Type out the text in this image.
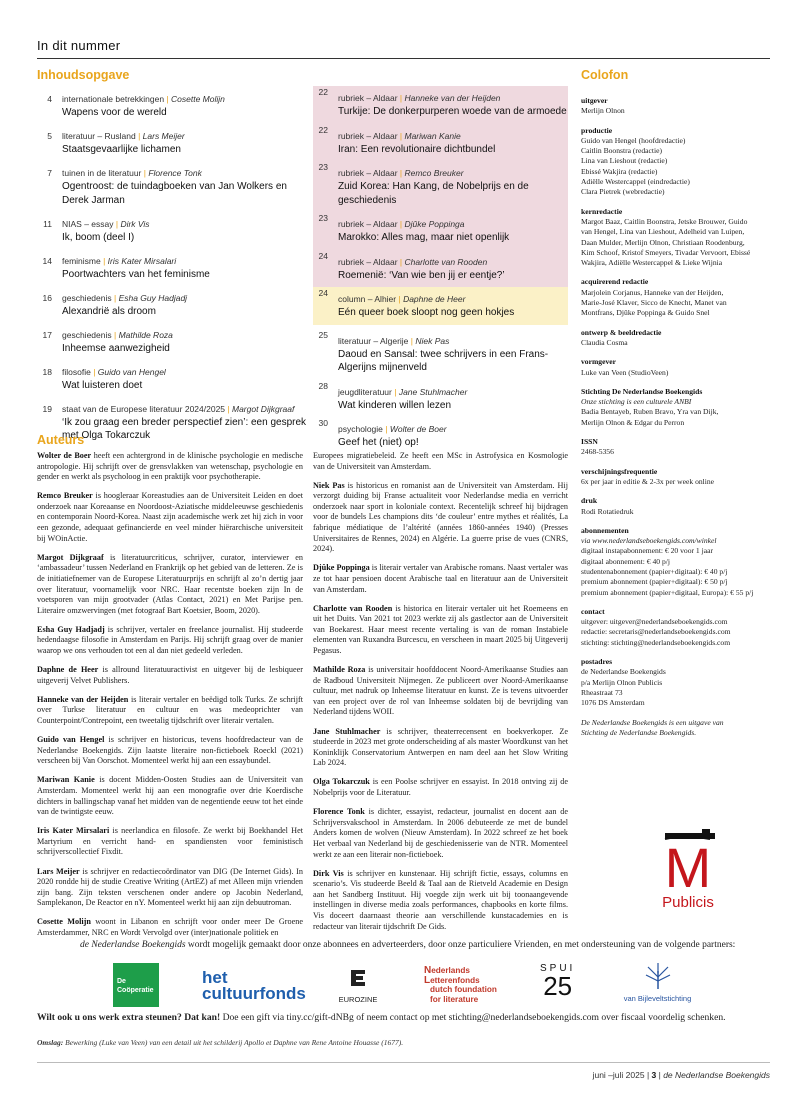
In dit nummer
Inhoudsopgave	Colofon
4 internationale betrekkingen | Cosette Molijn
Wapens voor de wereld
5 literatuur – Rusland | Lars Meijer
Staatsgevaarlijke lichamen
7 tuinen in de literatuur | Florence Tonk
Ogentroost: de tuindagboeken van Jan Wolkers en Derek Jarman
11 NIAS – essay | Dirk Vis
Ik, boom (deel I)
14 feminisme | Iris Kater Mirsalari
Poortwachters van het feminisme
16 geschiedenis | Esha Guy Hadjadj
Alexandrië als droom
17 geschiedenis | Mathilde Roza
Inheemse aanwezigheid
18 filosofie | Guido van Hengel
Wat luisteren doet
19 staat van de Europese literatuur 2024/2025 | Margot Dijkgraaf
‘Ik zou graag een breder perspectief zien’: een gesprek met Olga Tokarczuk
22
rubriek – Aldaar | Hanneke van der Heijden
Turkije: De donkerpurperen woede van de armoede
22
rubriek – Aldaar | Mariwan Kanie
Iran: Een revolutionaire dichtbundel
23
rubriek – Aldaar | Remco Breuker
Zuid Korea: Han Kang, de Nobelprijs en de geschiedenis
23
rubriek – Aldaar | Djûke Poppinga
Marokko: Alles mag, maar niet openlijk
24
rubriek – Aldaar | Charlotte van Rooden
Roemenië: ‘Van wie ben jij er eentje?’
24
column – Alhier | Daphne de Heer
Eén queer boek sloopt nog geen hokjes
25
literatuur – Algerije | Niek Pas
Daoud en Sansal: twee schrijvers in een Frans-Algerijns mijnenveld
28
jeugdliteratuur | Jane Stuhlmacher
Wat kinderen willen lezen
30
psychologie | Wolter de Boer
Geef het (niet) op!
uitgever
Merlijn Olnon
productie
Guido van Hengel (hoofdredactie)
Caitlin Boonstra (redactie)
Lina van Lieshout (redactie)
Ebissé Wakjira (redactie)
Adiëlle Westercappel (eindredactie)
Clara Pietrek (webredactie)
kernredactie
Margot Baaz, Caitlin Boonstra, Jetske Brouwer, Guido
van Hengel, Lina van Lieshout, Adelheid van Luipen,
Daan Mulder, Merlijn Olnon, Christiaan Roodenburg,
Kim Schoof, Kristof Smeyers, Tivadar Vervoort, Ebissé
Wakjira, Adiëlle Westercappel & Lieke Wijnia
acquirerend redactie
Marjolein Corjanus, Hanneke van der Heijden,
Marie-José Klaver, Sicco de Knecht, Manet van
Montfrans, Djûke Poppinga & Guido Snel
ontwerp & beeldredactie
Claudia Cosma
vormgever
Luke van Veen (StudioVeen)
Stichting De Nederlandse Boekengids
Onze stichting is een culturele ANBI
Badia Bentayeb, Ruben Bravo, Yra van Dijk,
Merlijn Olnon & Edgar du Perron
ISSN
2468-5356
verschijningsfrequentie
6x per jaar in editie & 2-3x per week online
druk
Rodi Rotatiedruk
abonnementen
via www.nederlandseboekengids.com/winkel
digitaal instapabonnement: € 20 voor 1 jaar
digitaal abonnement: € 40 p/j
studentenabonnement (papier+digitaal): € 40 p/j
premium abonnement (papier+digitaal): € 50 p/j
premium abonnement (papier+digitaal, Europa): € 55 p/j
contact
uitgever: uitgever@nederlandseboekengids.com
redactie: secretaris@nederlandseboekengids.com
stichting: stichting@nederlandseboekengids.com
postadres
de Nederlandse Boekengids
p/a Merlijn Olnon Publicis
Rheastraat 73
1076 DS Amsterdam
De Nederlandse Boekengids is een uitgave van
Stichting de Nederlandse Boekengids.
Auteurs
Wolter de Boer heeft een achtergrond in de klinische psychologie en medische antropologie. Hij schrijft over de grensvlakken van wetenschap, psychologie en gender en werkt als psycholoog in een praktijk voor psychotherapie.
Remco Breuker is hoogleraar Koreastudies aan de Universiteit Leiden en doet onderzoek naar Koreaanse en Noordoost-Aziatische middeleeuwse geschiedenis en contemporain Noord-Korea. Naast zijn academische werk zet hij zich in voor een gezonde, adequaat gefinancierde en veel minder hiërarchische universiteit bij WOinActie.
Margot Dijkgraaf is literatuurcriticus, schrijver, curator, interviewer en ‘ambassadeur’ tussen Nederland en Frankrijk op het gebied van de letteren. Ze is de initiatiefnemer van de Europese Literatuurprijs en schrijft al zo’n dertig jaar over literatuur, voornamelijk voor NRC. Haar recentste boeken zijn In de voetsporen van mijn grootvader (Atlas Contact, 2021) en Met Parijse pen. Literaire omzwervingen (met fotograaf Bart Koetsier, Boom, 2020).
Esha Guy Hadjadj is schrijver, vertaler en freelance journalist. Hij studeerde hedendaagse filosofie in Amsterdam en Parijs. Hij schrijft graag over de manier waarop we ons verhouden tot een al dan niet gedeeld verleden.
Daphne de Heer is allround literatuuractivist en uitgever bij de lesbiqueer uitgeverij Velvet Publishers.
Hanneke van der Heijden is literair vertaler en beëdigd tolk Turks. Ze schrijft over Turkse literatuur en cultuur en was medeoprichter van Counterpoint/Contrepoint, een tweetalig tijdschrift over literair vertalen.
Guido van Hengel is schrijver en historicus, tevens hoofdredacteur van de Nederlandse Boekengids. Zijn laatste literaire non-fictieboek Roeckl (2021) verscheen bij Van Oorschot. Momenteel werkt hij aan een essaybundel.
Mariwan Kanie is docent Midden-Oosten Studies aan de Universiteit van Amsterdam. Momenteel werkt hij aan een monografie over drie Koerdische dichters in ballingschap vanaf het midden van de negentiende eeuw tot het einde van de twintigste eeuw.
Iris Kater Mirsalari is neerlandica en filosofe. Ze werkt bij Boekhandel Het Martyrium en verricht hand- en spandiensten voor feministisch schrijverscollectief Fixdit.
Lars Meijer is schrijver en redactiecoördinator van DIG (De Internet Gids). In 2020 rondde hij de studie Creative Writing (ArtEZ) af met Alleen mijn vrienden zijn bang. Zijn teksten verschenen onder andere op Jacobin Nederland, Samplekanon, De Reactor en nY. Momenteel werkt hij aan zijn debuutroman.
Cosette Molijn woont in Libanon en schrijft voor onder meer De Groene Amsterdammer, NRC en Wordt Vervolgd over (inter)nationale politiek en
Europees migratiebeleid. Ze heeft een MSc in Astrofysica en Kosmologie van de Universiteit van Amsterdam.
Niek Pas is historicus en romanist aan de Universiteit van Amsterdam. Hij verzorgt duiding bij Franse actualiteit voor Nederlandse media en verricht onderzoek naar sport in koloniale context. Recentelijk schreef hij bijdragen voor de bundels Les champions dits ‘de couleur’ entre mythes et réalités, La fabrique médiatique de l’altérité (années 1860-années 1940) (Presses Universitaires de Rennes, 2024) en Algérie. La guerre prise de vues (CNRS, 2024).
Djûke Poppinga is literair vertaler van Arabische romans. Naast vertaler was ze tot haar pensioen docent Arabische taal en literatuur aan de Universiteit van Amsterdam.
Charlotte van Rooden is historica en literair vertaler uit het Roemeens en uit het Duits. Van 2021 tot 2023 werkte zij als gastlector aan de Universiteit van Boekarest. Haar meest recente vertaling is van de roman Instabiele elementen van Ruxandra Burcescu, en verscheen in maart 2025 bij Uitgeverij Pegasus.
Mathilde Roza is universitair hoofddocent Noord-Amerikaanse Studies aan de Radboud Universiteit Nijmegen. Ze publiceert over Noord-Amerikaanse cultuur, met nadruk op Inheemse literatuur en kunst. Ze is tevens uitvoerder van een project over de rol van Inheemse soldaten bij de bevrijding van Nederland tijdens WOII.
Jane Stuhlmacher is schrijver, theaterrecensent en boekverkoper. Ze studeerde in 2023 met grote onderscheiding af als master Woordkunst van het Koninklijk Conservatorium Antwerpen en nam deel aan het Slow Writing Lab 2024.
Olga Tokarczuk is een Poolse schrijver en essayist. In 2018 ontving zij de Nobelprijs voor de Literatuur.
Florence Tonk is dichter, essayist, redacteur, journalist en docent aan de Schrijversvakschool in Amsterdam. In 2006 debuteerde ze met de bundel Anders komen de wolven (Nieuw Amsterdam). In 2022 schreef ze het boek Het verbaal van Nederland bij de geschiedenisserie van de NTR. Momenteel werkt ze aan een literair non-fictieboek.
Dirk Vis is schrijver en kunstenaar. Hij schrijft fictie, essays, columns en scenario’s. Vis studeerde Beeld & Taal aan de Rietveld Academie en Design aan het Sandberg Instituut. Hij voegde zijn werk uit bij toonaangevende instellingen in diverse media zoals performances, chapbooks en korte films. Vis doceert daarnaast theorie aan verschillende kunstacademies en is redacteur van literair tijdschrift De Gids.
M
Publicis
de Nederlandse Boekengids wordt mogelijk gemaakt door onze abonnees en adverteerders, door onze particuliere Vrienden, en met ondersteuning van de volgende partners:
De
Coöperatie
het
cultuurfonds	EUROZINE
Nederlands
Letterenfonds
dutch foundation
for literature
SPUI
25	van Bijleveltstichting
Wilt ook u ons werk extra steunen? Dat kan! Doe een gift via tiny.cc/gift-dNBg of neem contact op met stichting@nederlandseboekengids.com over fiscaal voordelig schenken.
Omslag: Bewerking (Luke van Veen) van een detail uit het schilderij Apollo et Daphne van Rene Antoine Houasse (1677).
juni –juli 2025 | 3 | de Nederlandse Boekengids
